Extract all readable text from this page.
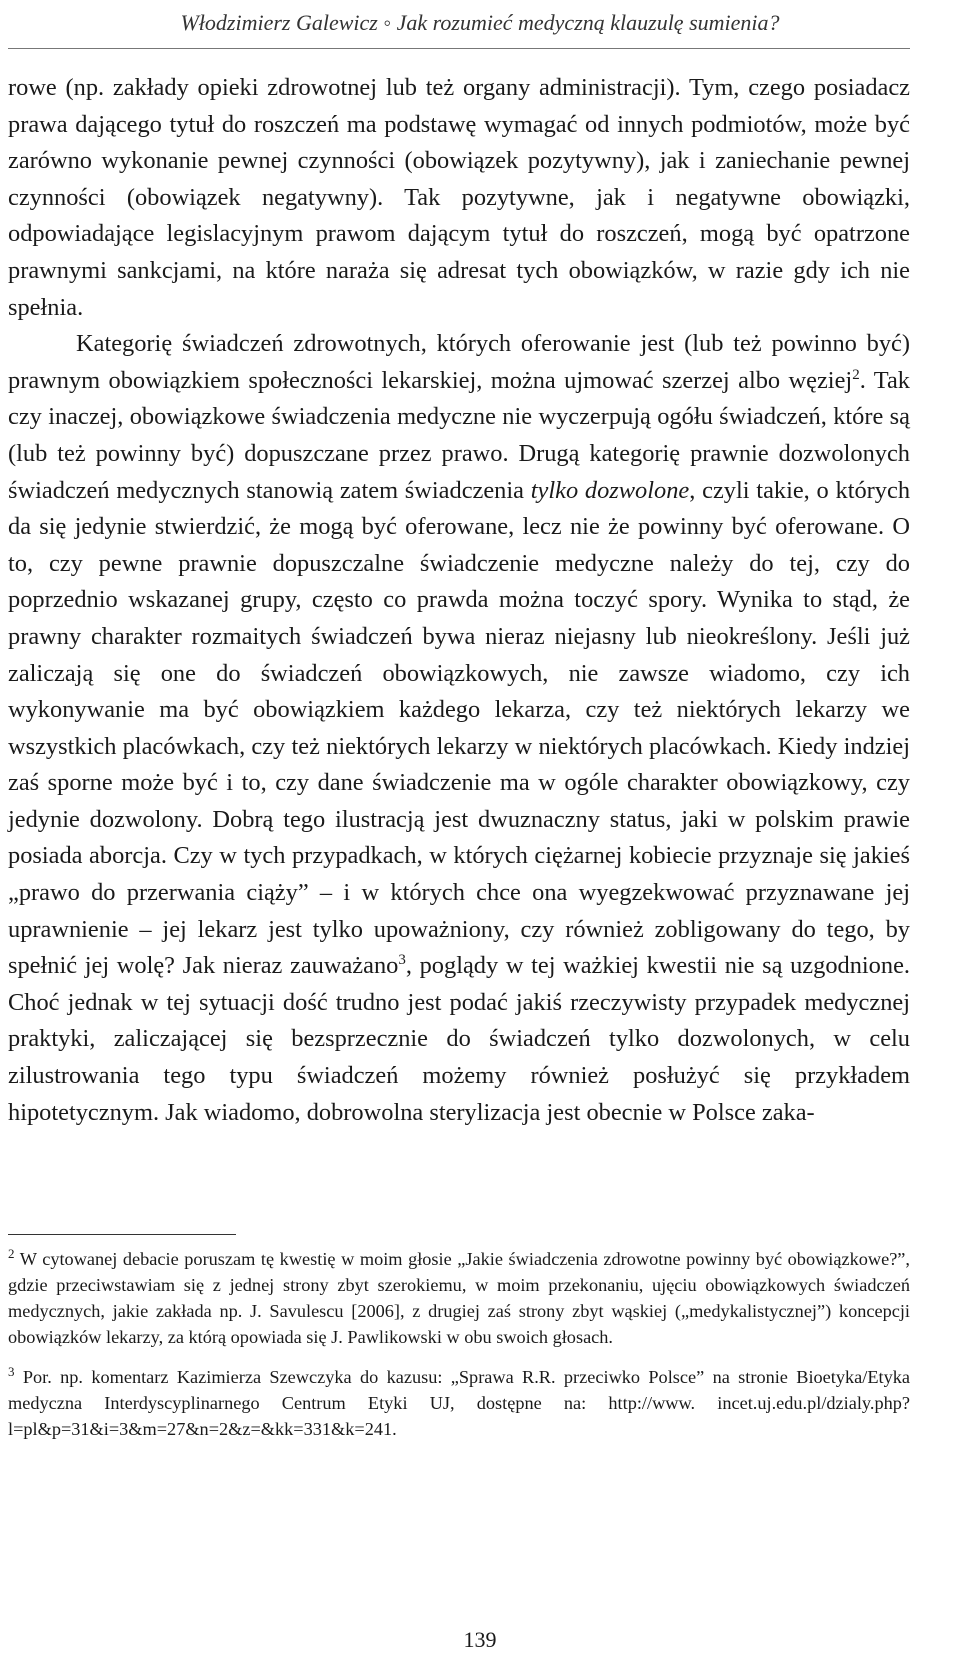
Włodzimierz Galewicz ◦ Jak rozumieć medyczną klauzulę sumienia?

rowe (np. zakłady opieki zdrowotnej lub też organy administracji). Tym, czego posiadacz prawa dającego tytuł do roszczeń ma podstawę wymagać od innych podmiotów, może być zarówno wykonanie pewnej czynności (obowiązek pozytywny), jak i zaniechanie pewnej czynności (obowiązek negatywny). Tak pozytywne, jak i negatywne obowiązki, odpowiadające legislacyjnym prawom dającym tytuł do roszczeń, mogą być opatrzone prawnymi sankcjami, na które naraża się adresat tych obowiązków, w razie gdy ich nie spełnia.

Kategorię świadczeń zdrowotnych, których oferowanie jest (lub też powinno być) prawnym obowiązkiem społeczności lekarskiej, można ujmować szerzej albo węziej$^2$. Tak czy inaczej, obowiązkowe świadczenia medyczne nie wyczerpują ogółu świadczeń, które są (lub też powinny być) dopuszczane przez prawo. Drugą kategorię prawnie dozwolonych świadczeń medycznych stanowią zatem świadczenia tylko dozwolone, czyli takie, o których da się jedynie stwierdzić, że mogą być oferowane, lecz nie że powinny być oferowane. O to, czy pewne prawnie dopuszczalne świadczenie medyczne należy do tej, czy do poprzednio wskazanej grupy, często co prawda można toczyć spory. Wynika to stąd, że prawny charakter rozmaitych świadczeń bywa nieraz niejasny lub nieokreślony. Jeśli już zaliczają się one do świadczeń obowiązkowych, nie zawsze wiadomo, czy ich wykonywanie ma być obowiązkiem każdego lekarza, czy też niektórych lekarzy we wszystkich placówkach, czy też niektórych lekarzy w niektórych placówkach. Kiedy indziej zaś sporne może być i to, czy dane świadczenie ma w ogóle charakter obowiązkowy, czy jedynie dozwolony. Dobrą tego ilustracją jest dwuznaczny status, jaki w polskim prawie posiada aborcja. Czy w tych przypadkach, w których ciężarnej kobiecie przyznaje się jakieś „prawo do przerwania ciąży” – i w których chce ona wyegzekwować przyznawane jej uprawnienie – jej lekarz jest tylko upoważniony, czy również zobligowany do tego, by spełnić jej wolę? Jak nieraz zauważano$^3$, poglądy w tej ważkiej kwestii nie są uzgodnione. Choć jednak w tej sytuacji dość trudno jest podać jakiś rzeczywisty przypadek medycznej praktyki, zaliczającej się bezsprzecznie do świadczeń tylko dozwolonych, w celu zilustrowania tego typu świadczeń możemy również posłużyć się przykładem hipotetycznym. Jak wiadomo, dobrowolna sterylizacja jest obecnie w Polsce zaka-

$^2$ W cytowanej debacie poruszam tę kwestię w moim głosie „Jakie świadczenia zdrowotne powinny być obowiązkowe?”, gdzie przeciwstawiam się z jednej strony zbyt szerokiemu, w moim przekonaniu, ujęciu obowiązkowych świadczeń medycznych, jakie zakłada np. J. Savulescu [2006], z drugiej zaś strony zbyt wąskiej („medykalistycznej”) koncepcji obowiązków lekarzy, za którą opowiada się J. Pawlikowski w obu swoich głosach.

$^3$ Por. np. komentarz Kazimierza Szewczyka do kazusu: „Sprawa R.R. przeciwko Polsce” na stronie Bioetyka/Etyka medyczna Interdyscyplinarnego Centrum Etyki UJ, dostępne na: http://www. incet.uj.edu.pl/dzialy.php?l=pl&p=31&i=3&m=27&n=2&z=&kk=331&k=241.

139
